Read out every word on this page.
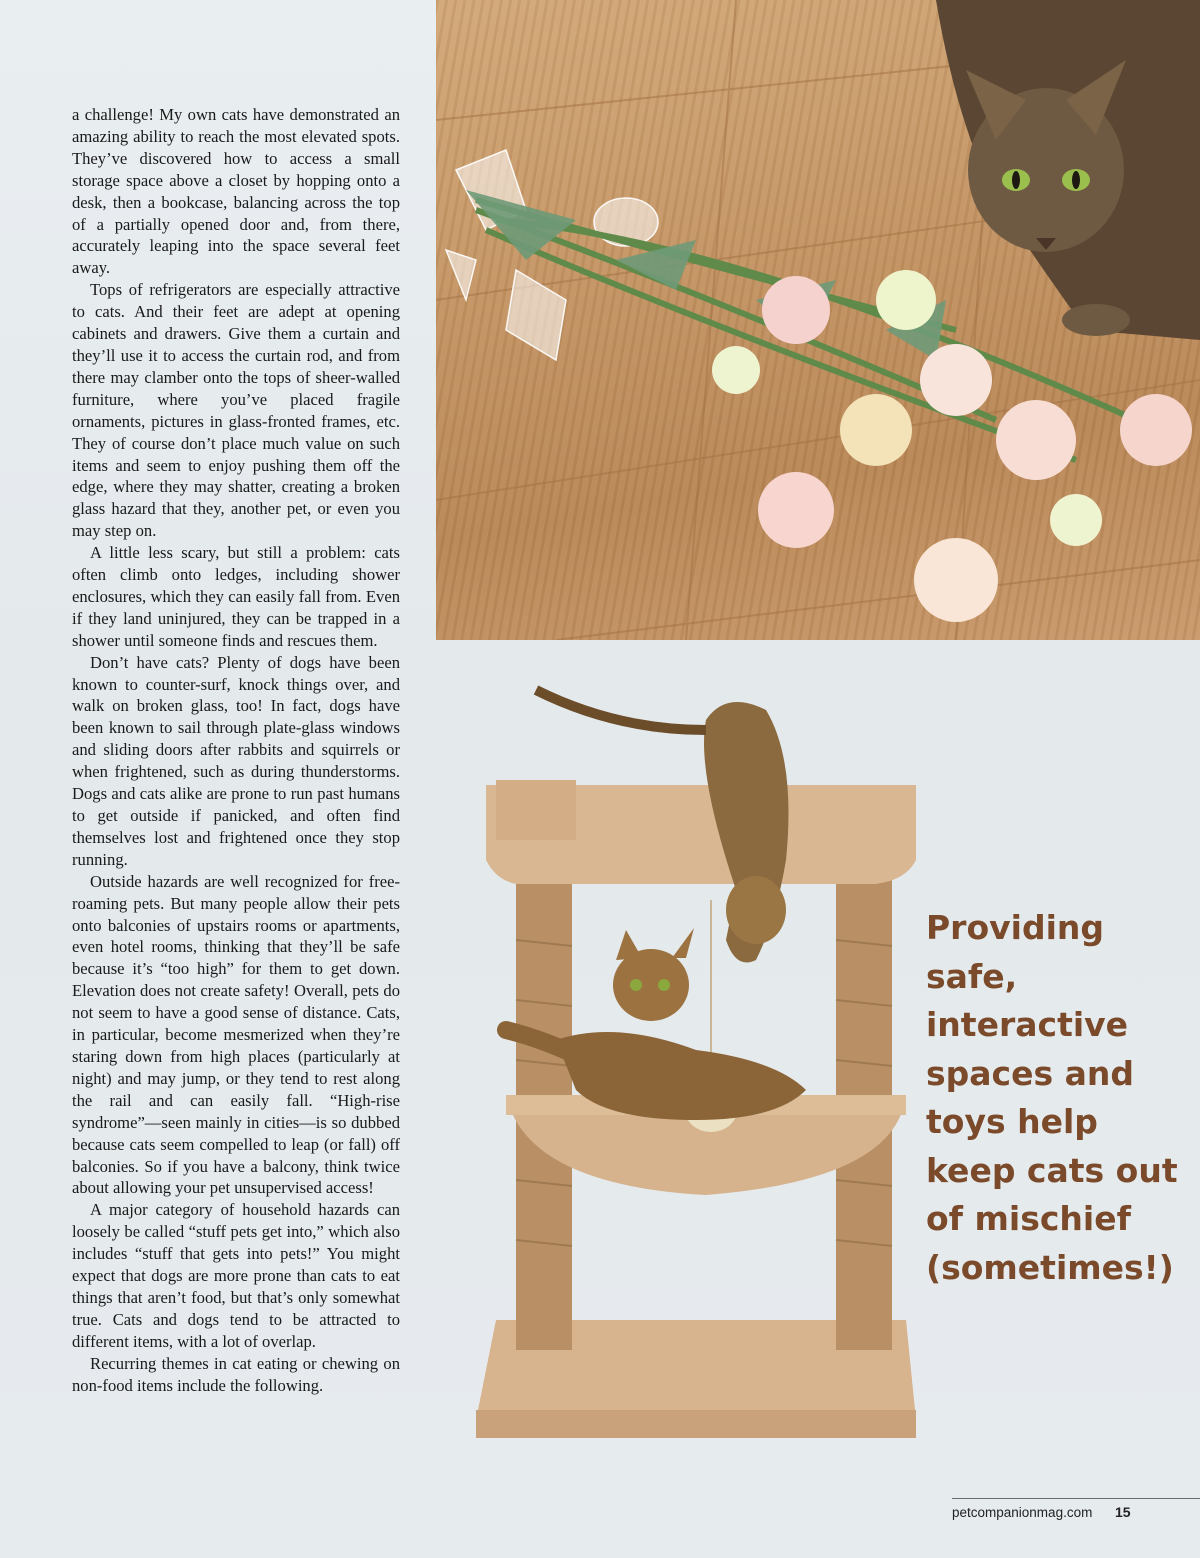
a challenge! My own cats have demonstrated an amazing ability to reach the most elevated spots. They’ve discovered how to access a small storage space above a closet by hopping onto a desk, then a bookcase, balancing across the top of a partially opened door and, from there, accurately leaping into the space several feet away.

Tops of refrigerators are especially attractive to cats. And their feet are adept at opening cabinets and drawers. Give them a curtain and they’ll use it to access the curtain rod, and from there may clamber onto the tops of sheer-walled furniture, where you’ve placed fragile ornaments, pictures in glass-fronted frames, etc. They of course don’t place much value on such items and seem to enjoy pushing them off the edge, where they may shatter, creating a broken glass hazard that they, another pet, or even you may step on.

A little less scary, but still a problem: cats often climb onto ledges, including shower enclosures, which they can easily fall from. Even if they land uninjured, they can be trapped in a shower until someone finds and rescues them.

Don’t have cats? Plenty of dogs have been known to counter-surf, knock things over, and walk on broken glass, too! In fact, dogs have been known to sail through plate-glass windows and sliding doors after rabbits and squirrels or when frightened, such as during thunderstorms. Dogs and cats alike are prone to run past humans to get outside if panicked, and often find themselves lost and frightened once they stop running.

Outside hazards are well recognized for free-roaming pets. But many people allow their pets onto balconies of upstairs rooms or apartments, even hotel rooms, thinking that they’ll be safe because it’s “too high” for them to get down. Elevation does not create safety! Overall, pets do not seem to have a good sense of distance. Cats, in particular, become mesmerized when they’re staring down from high places (particularly at night) and may jump, or they tend to rest along the rail and can easily fall. “High-rise syndrome”—seen mainly in cities—is so dubbed because cats seem compelled to leap (or fall) off balconies. So if you have a balcony, think twice about allowing your pet unsupervised access!

A major category of household hazards can loosely be called “stuff pets get into,” which also includes “stuff that gets into pets!” You might expect that dogs are more prone than cats to eat things that aren’t food, but that’s only somewhat true. Cats and dogs tend to be attracted to different items, with a lot of overlap.

Recurring themes in cat eating or chewing on non-food items include the following.

Providing
safe,
interactive
spaces and
toys help
keep cats out
of mischief
(sometimes!)
petcompanionmag.com 15
